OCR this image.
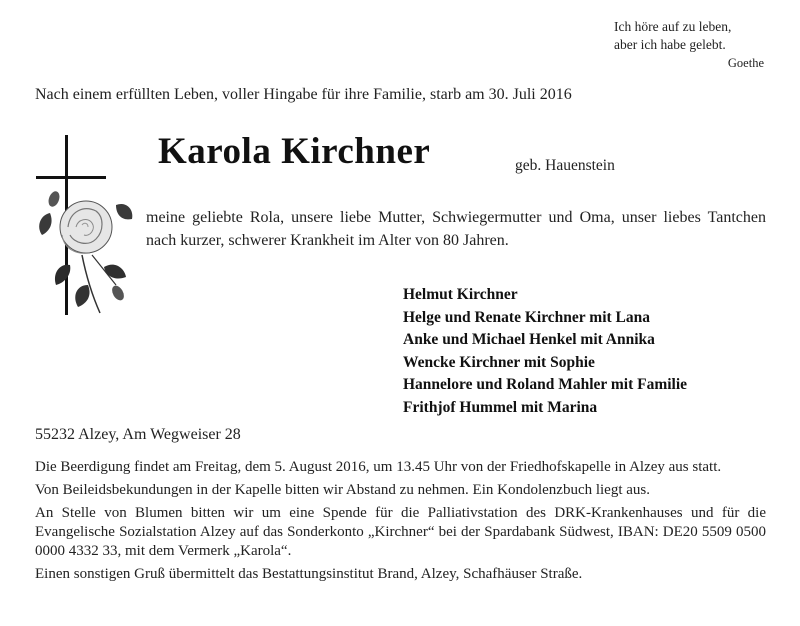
Ich höre auf zu leben,
aber ich habe gelebt.
Goethe
Nach einem erfüllten Leben, voller Hingabe für ihre Familie, starb am 30. Juli 2016
Karola Kirchner	geb. Hauenstein
meine geliebte Rola, unsere liebe Mutter, Schwiegermutter und Oma, unser liebes Tantchen nach kurzer, schwerer Krankheit im Alter von 80 Jahren.
Helmut Kirchner
Helge und Renate Kirchner mit Lana
Anke und Michael Henkel mit Annika
Wencke Kirchner mit Sophie
Hannelore und Roland Mahler mit Familie
Frithjof Hummel mit Marina
55232 Alzey, Am Wegweiser 28

Die Beerdigung findet am Freitag, dem 5. August 2016, um 13.45 Uhr von der Friedhofskapelle in Alzey aus statt.

Von Beileidsbekundungen in der Kapelle bitten wir Abstand zu nehmen. Ein Kondolenzbuch liegt aus.

An Stelle von Blumen bitten wir um eine Spende für die Palliativstation des DRK-Krankenhauses und für die Evangelische Sozialstation Alzey auf das Sonderkonto „Kirchner“ bei der Spardabank Südwest, IBAN: DE20 5509 0500 0000 4332 33, mit dem Vermerk „Karola“.

Einen sonstigen Gruß übermittelt das Bestattungsinstitut Brand, Alzey, Schafhäuser Straße.
